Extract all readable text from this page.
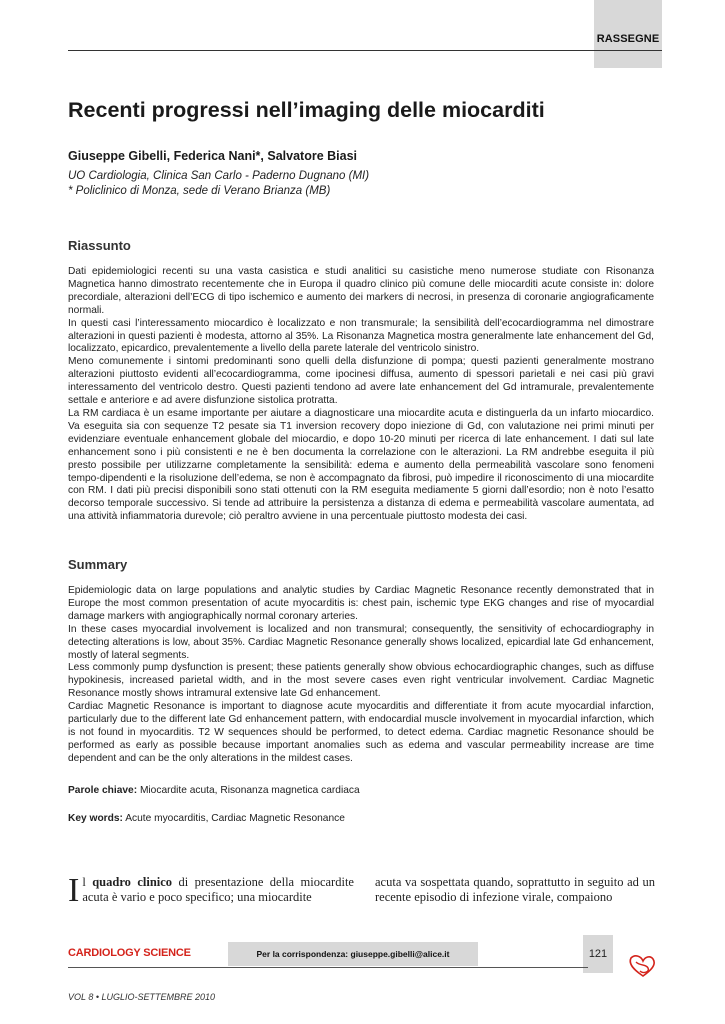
RASSEGNE
Recenti progressi nell’imaging delle miocarditi
Giuseppe Gibelli, Federica Nani*, Salvatore Biasi
UO Cardiologia, Clinica San Carlo - Paderno Dugnano (MI)
* Policlinico di Monza, sede di Verano Brianza (MB)
Riassunto

Dati epidemiologici recenti su una vasta casistica e studi analitici su casistiche meno numerose studiate con Risonanza Magnetica hanno dimostrato recentemente che in Europa il quadro clinico più comune delle miocarditi acute consiste in: dolore precordiale, alterazioni dell’ECG di tipo ischemico e aumento dei markers di necrosi, in presenza di coronarie angiograficamente normali.

In questi casi l’interessamento miocardico è localizzato e non transmurale; la sensibilità dell’ecocardiogramma nel dimostrare alterazioni in questi pazienti è modesta, attorno al 35%. La Risonanza Magnetica mostra generalmente late enhancement del Gd, localizzato, epicardico, prevalentemente a livello della parete laterale del ventricolo sinistro.

Meno comunemente i sintomi predominanti sono quelli della disfunzione di pompa; questi pazienti generalmente mostrano alterazioni piuttosto evidenti all’ecocardiogramma, come ipocinesi diffusa, aumento di spessori parietali e nei casi più gravi interessamento del ventricolo destro. Questi pazienti tendono ad avere late enhancement del Gd intramurale, prevalentemente settale e anteriore e ad avere disfunzione sistolica protratta.

La RM cardiaca è un esame importante per aiutare a diagnosticare una miocardite acuta e distinguerla da un infarto miocardico. Va eseguita sia con sequenze T2 pesate sia T1 inversion recovery dopo iniezione di Gd, con valutazione nei primi minuti per evidenziare eventuale enhancement globale del miocardio, e dopo 10-20 minuti per ricerca di late enhancement. I dati sul late enhancement sono i più consistenti e ne è ben documenta la correlazione con le alterazioni. La RM andrebbe eseguita il più presto possibile per utilizzarne completamente la sensibilità: edema e aumento della permeabilità vascolare sono fenomeni tempo-dipendenti e la risoluzione dell’edema, se non è accompagnato da fibrosi, può impedire il riconoscimento di una miocardite con RM. I dati più precisi disponibili sono stati ottenuti con la RM eseguita mediamente 5 giorni dall’esordio; non è noto l’esatto decorso temporale successivo. Si tende ad attribuire la persistenza a distanza di edema e permeabilità vascolare aumentata, ad una attività infiammatoria durevole; ciò peraltro avviene in una percentuale piuttosto modesta dei casi.

Summary

Epidemiologic data on large populations and analytic studies by Cardiac Magnetic Resonance recently demonstrated that in Europe the most common presentation of acute myocarditis is: chest pain, ischemic type EKG changes and rise of myocardial damage markers with angiographically normal coronary arteries.

In these cases myocardial involvement is localized and non transmural; consequently, the sensitivity of echocardiography in detecting alterations is low, about 35%. Cardiac Magnetic Resonance generally shows localized, epicardial late Gd enhancement, mostly of lateral segments.

Less commonly pump dysfunction is present; these patients generally show obvious echocardiographic changes, such as diffuse hypokinesis, increased parietal width, and in the most severe cases even right ventricular involvement. Cardiac Magnetic Resonance mostly shows intramural extensive late Gd enhancement.

Cardiac Magnetic Resonance is important to diagnose acute myocarditis and differentiate it from acute myocardial infarction, particularly due to the different late Gd enhancement pattern, with endocardial muscle involvement in myocardial infarction, which is not found in myocarditis. T2 W sequences should be performed, to detect edema. Cardiac magnetic Resonance should be performed as early as possible because important anomalies such as edema and vascular permeability increase are time dependent and can be the only alterations in the mildest cases.

Parole chiave: Miocardite acuta, Risonanza magnetica cardiaca
Key words: Acute myocarditis, Cardiac Magnetic Resonance

Il quadro clinico di presentazione della miocardite acuta è vario e poco specifico; una miocardite

acuta va sospettata quando, soprattutto in seguito ad un recente episodio di infezione virale, compaiono

CARDIOLOGY SCIENCE	Per la corrispondenza: giuseppe.gibelli@alice.it	121
VOL 8 • LUGLIO-SETTEMBRE 2010
